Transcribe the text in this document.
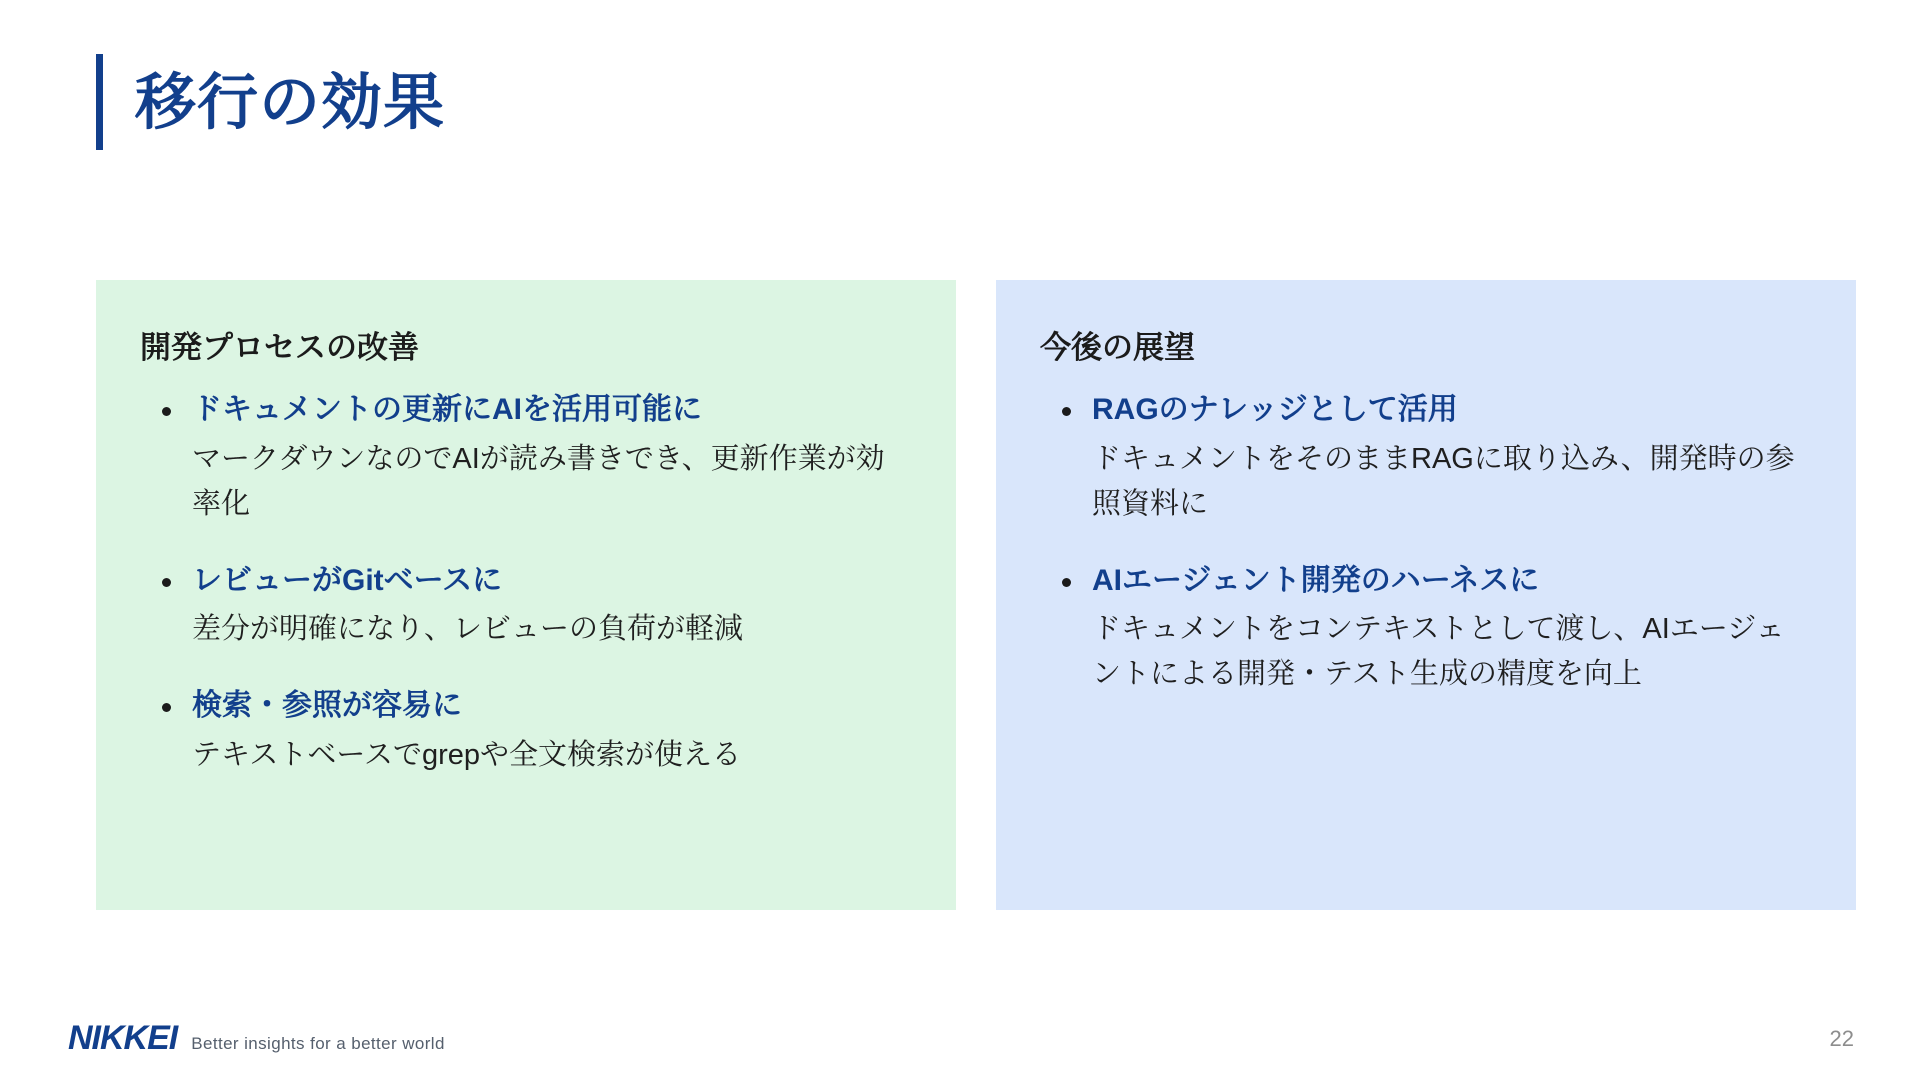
移行の効果
開発プロセスの改善
ドキュメントの更新にAIを活用可能に
マークダウンなのでAIが読み書きでき、更新作業が効率化
レビューがGitベースに
差分が明確になり、レビューの負荷が軽減
検索・参照が容易に
テキストベースでgrepや全文検索が使える
今後の展望
RAGのナレッジとして活用
ドキュメントをそのままRAGに取り込み、開発時の参照資料に
AIエージェント開発のハーネスに
ドキュメントをコンテキストとして渡し、AIエージェントによる開発・テスト生成の精度を向上
NIKKEI Better insights for a better world	22
